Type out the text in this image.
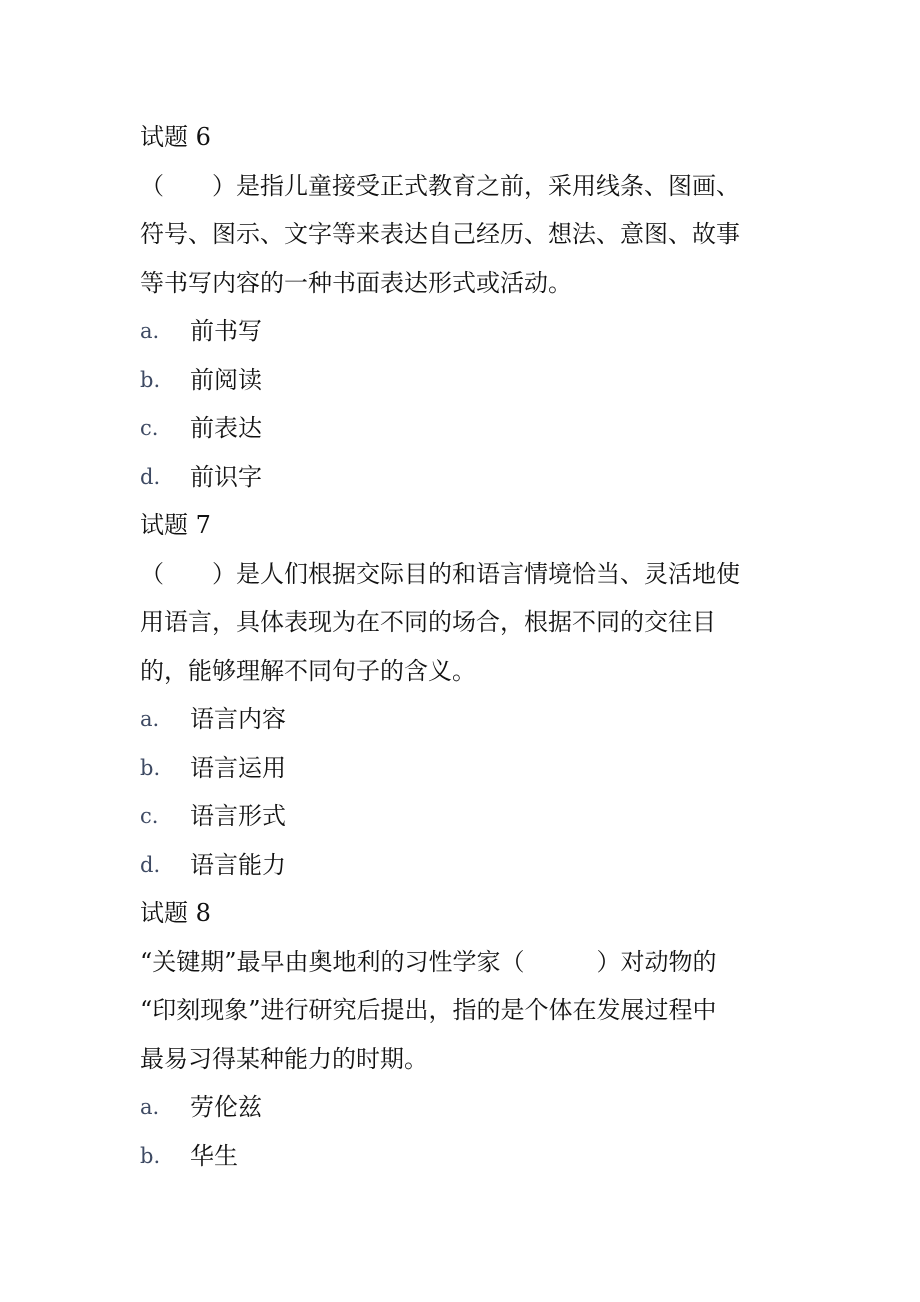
试题 6
（　　）是指儿童接受正式教育之前，采用线条、图画、
符号、图示、文字等来表达自己经历、想法、意图、故事
等书写内容的一种书面表达形式或活动。
a.	前书写
b.	前阅读
c.	前表达
d.	前识字
试题 7
（　　）是人们根据交际目的和语言情境恰当、灵活地使
用语言，具体表现为在不同的场合，根据不同的交往目
的，能够理解不同句子的含义。
a.	语言内容
b.	语言运用
c.	语言形式
d.	语言能力
试题 8
“关键期”最早由奥地利的习性学家（　　　）对动物的
“印刻现象”进行研究后提出，指的是个体在发展过程中
最易习得某种能力的时期。
a.	劳伦兹
b.	华生
